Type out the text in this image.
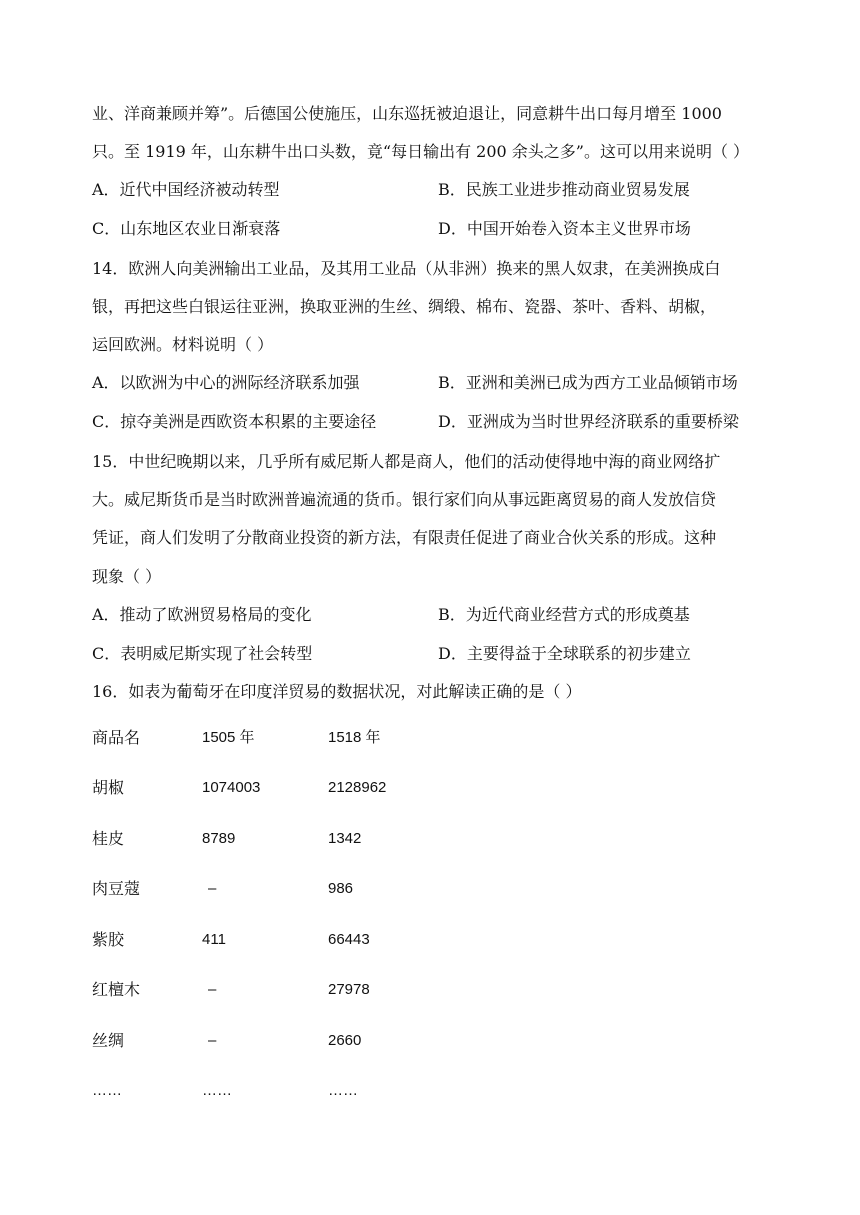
业、洋商兼顾并筹”。后德国公使施压，山东巡抚被迫退让，同意耕牛出口每月增至 1000
只。至 1919 年，山东耕牛出口头数，竟“每日输出有 200 余头之多”。这可以用来说明（ ）
A．近代中国经济被动转型	B．民族工业进步推动商业贸易发展
C．山东地区农业日渐衰落	D．中国开始卷入资本主义世界市场
14．欧洲人向美洲输出工业品，及其用工业品（从非洲）换来的黑人奴隶，在美洲换成白
银，再把这些白银运往亚洲，换取亚洲的生丝、绸缎、棉布、瓷器、茶叶、香料、胡椒，
运回欧洲。材料说明（ ）
A．以欧洲为中心的洲际经济联系加强	B．亚洲和美洲已成为西方工业品倾销市场
C．掠夺美洲是西欧资本积累的主要途径	D．亚洲成为当时世界经济联系的重要桥梁
15．中世纪晚期以来，几乎所有威尼斯人都是商人，他们的活动使得地中海的商业网络扩
大。威尼斯货币是当时欧洲普遍流通的货币。银行家们向从事远距离贸易的商人发放信贷
凭证，商人们发明了分散商业投资的新方法，有限责任促进了商业合伙关系的形成。这种
现象（ ）
A．推动了欧洲贸易格局的变化	B．为近代商业经营方式的形成奠基
C．表明威尼斯实现了社会转型	D．主要得益于全球联系的初步建立
16．如表为葡萄牙在印度洋贸易的数据状况，对此解读正确的是（ ）
商品名	1505 年	1518 年
胡椒	1074003	2128962
桂皮	8789	1342
肉豆蔻	–	986
紫胶	411	66443
红檀木	–	27978
丝绸	–	2660
……	……	……
